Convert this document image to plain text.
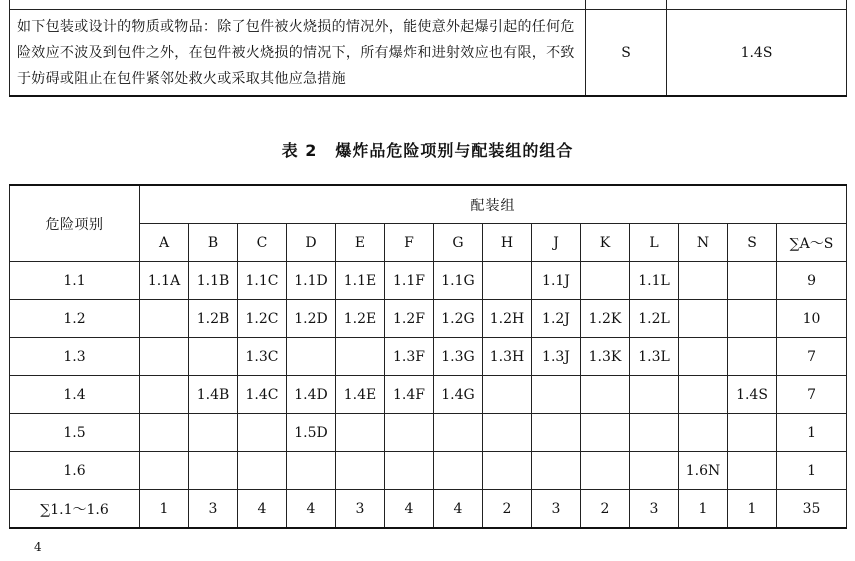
如下包装或设计的物质或物品：除了包件被火烧损的情况外，能使意外起爆引起的任何危险效应不波及到包件之外，在包件被火烧损的情况下，所有爆炸和进射效应也有限，不致于妨碍或阻止在包件紧邻处救火或采取其他应急措施	S	1.4S
表 2 爆炸品危险项别与配装组的组合
危险项别	配装组													
	A	B	C	D	E	F	G	H	J	K	L	N	S	∑A～S
1.1	1.1A	1.1B	1.1C	1.1D	1.1E	1.1F	1.1G		1.1J		1.1L			9
1.2		1.2B	1.2C	1.2D	1.2E	1.2F	1.2G	1.2H	1.2J	1.2K	1.2L			10
1.3			1.3C			1.3F	1.3G	1.3H	1.3J	1.3K	1.3L			7
1.4		1.4B	1.4C	1.4D	1.4E	1.4F	1.4G						1.4S	7
1.5				1.5D										1
1.6												1.6N		1
∑1.1～1.6	1	3	4	4	3	4	4	2	3	2	3	1	1	35
4
